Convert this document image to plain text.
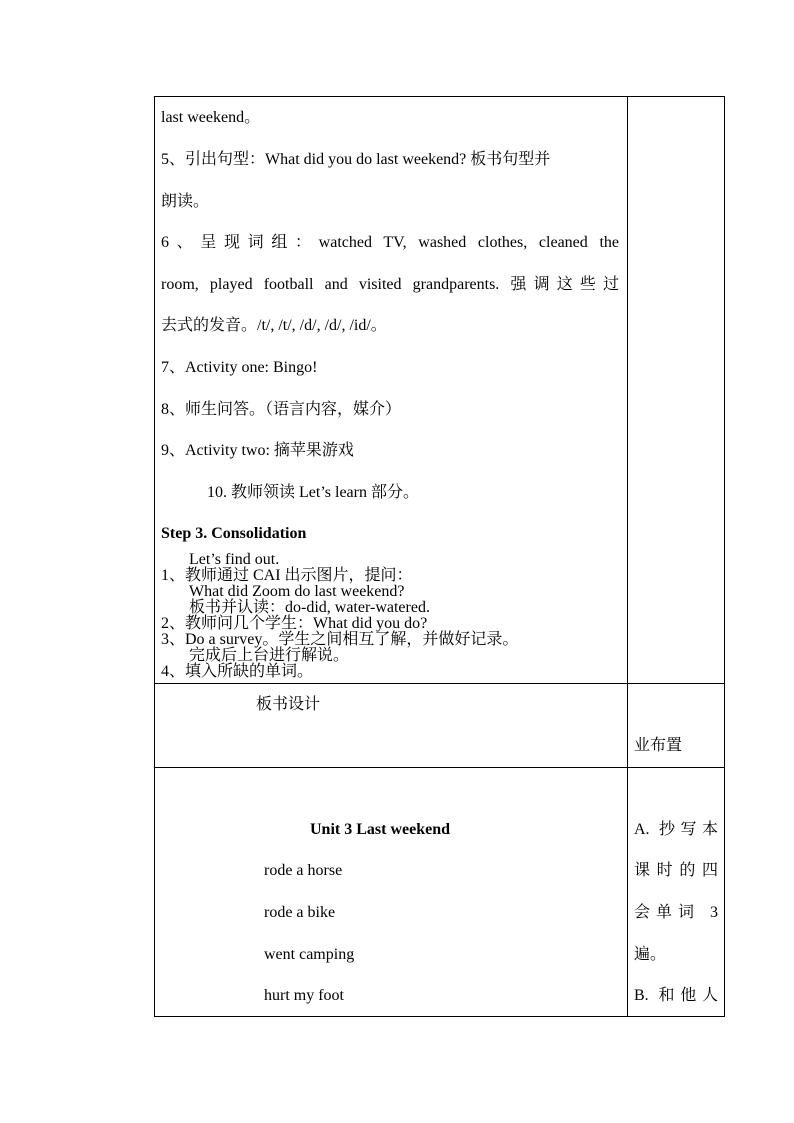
last weekend。
5、引出句型：What did you do last weekend? 板书句型并
朗读。
6、呈现词组：watched TV, washed clothes, cleaned the
room, played football and visited grandparents. 强调这些过
去式的发音。/t/, /t/, /d/, /d/, /id/。
7、Activity one: Bingo!
8、师生问答。（语言内容，媒介）
9、Activity two: 摘苹果游戏
10. 教师领读 Let’s learn 部分。
Step 3. Consolidation
Let’s find out.
1、教师通过 CAI 出示图片，提问：
What did Zoom do last weekend?
板书并认读：do-did, water-watered.
2、教师问几个学生：What did you do?
3、Do a survey。学生之间相互了解，并做好记录。
完成后上台进行解说。
4、填入所缺的单词。
板书设计
业布置
Unit 3 Last weekend
rode a horse
rode a bike
went camping
hurt my foot
A. 抄写本
课时的四
会单词 3
遍。
B. 和他人
